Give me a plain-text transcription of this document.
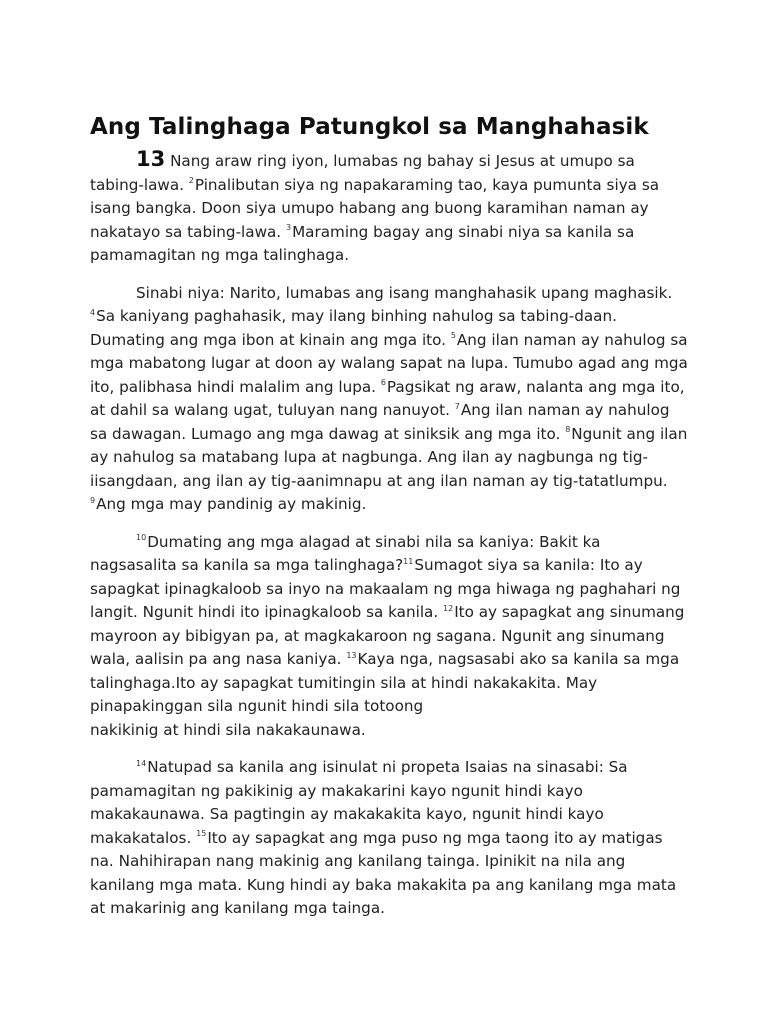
Ang Talinghaga Patungkol sa Manghahasik

13 Nang araw ring iyon, lumabas ng bahay si Jesus at umupo sa tabing-lawa. $^2$Pinalibutan siya ng napakaraming tao, kaya pumunta siya sa isang bangka. Doon siya umupo habang ang buong karamihan naman ay nakatayo sa tabing-lawa. $^3$Maraming bagay ang sinabi niya sa kanila sa pamamagitan ng mga talinghaga.

Sinabi niya: Narito, lumabas ang isang manghahasik upang maghasik. $^4$Sa kaniyang paghahasik, may ilang binhing nahulog sa tabing-daan. Dumating ang mga ibon at kinain ang mga ito. $^5$Ang ilan naman ay nahulog sa mga mabatong lugar at doon ay walang sapat na lupa. Tumubo agad ang mga ito, palibhasa hindi malalim ang lupa. $^6$Pagsikat ng araw, nalanta ang mga ito, at dahil sa walang ugat, tuluyan nang nanuyot. $^7$Ang ilan naman ay nahulog sa dawagan. Lumago ang mga dawag at siniksik ang mga ito. $^8$Ngunit ang ilan ay nahulog sa matabang lupa at nagbunga. Ang ilan ay nagbunga ng tig-iisangdaan, ang ilan ay tig-aanimnapu at ang ilan naman ay tig-tatatlumpu. $^9$Ang mga may pandinig ay makinig.

$^{10}$Dumating ang mga alagad at sinabi nila sa kaniya: Bakit ka nagsasalita sa kanila sa mga talinghaga?$^{11}$Sumagot siya sa kanila: Ito ay sapagkat ipinagkaloob sa inyo na makaalam ng mga hiwaga ng paghahari ng langit. Ngunit hindi ito ipinagkaloob sa kanila. $^{12}$Ito ay sapagkat ang sinumang mayroon ay bibigyan pa, at magkakaroon ng sagana. Ngunit ang sinumang wala, aalisin pa ang nasa kaniya. $^{13}$Kaya nga, nagsasabi ako sa kanila sa mga talinghaga.Ito ay sapagkat tumitingin sila at hindi nakakakita. May pinapakinggan sila ngunit hindi sila totoong
nakikinig at hindi sila nakakaunawa.

$^{14}$Natupad sa kanila ang isinulat ni propeta Isaias na sinasabi: Sa pamamagitan ng pakikinig ay makakarini kayo ngunit hindi kayo makakaunawa. Sa pagtingin ay makakakita kayo, ngunit hindi kayo makakatalos. $^{15}$Ito ay sapagkat ang mga puso ng mga taong ito ay matigas na. Nahihirapan nang makinig ang kanilang tainga. Ipinikit na nila ang kanilang mga mata. Kung hindi ay baka makakita pa ang kanilang mga mata at makarinig ang kanilang mga tainga.
